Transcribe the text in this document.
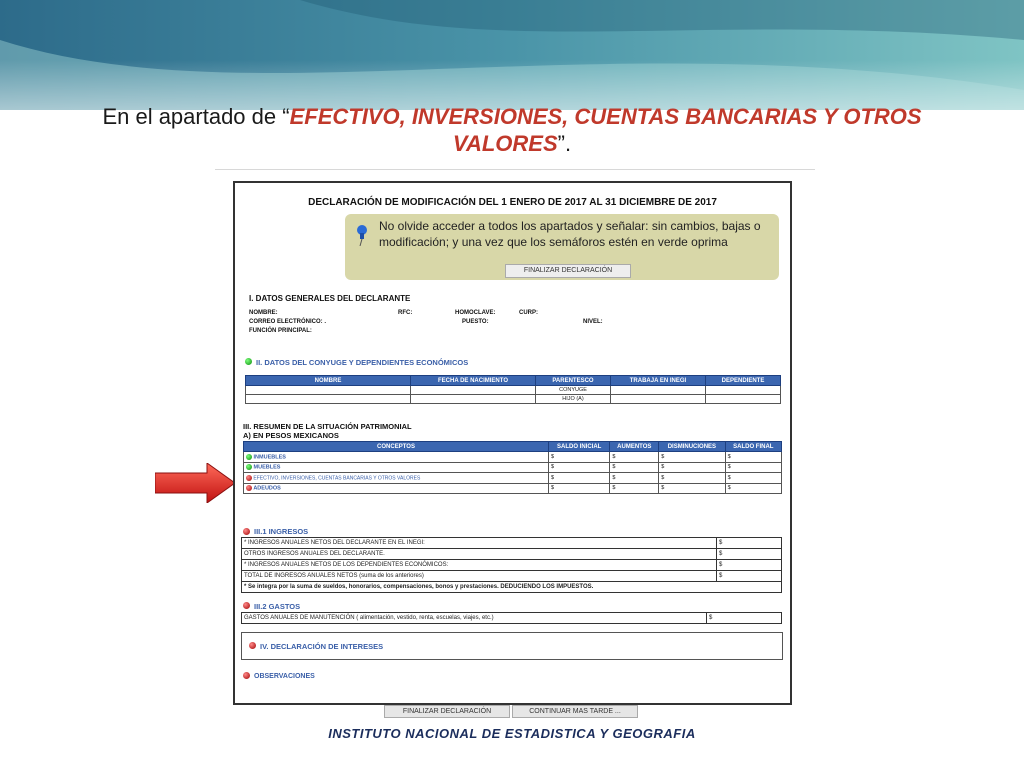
En el apartado de “EFECTIVO, INVERSIONES, CUENTAS BANCARIAS Y OTROS VALORES”.
DECLARACIÓN DE MODIFICACIÓN DEL 1 ENERO DE 2017 AL 31 DICIEMBRE DE 2017
No olvide acceder a todos los apartados y señalar: sin cambios, bajas o modificación; y una vez que los semáforos estén en verde oprima
FINALIZAR DECLARACIÓN
I. DATOS GENERALES DEL DECLARANTE
NOMBRE:	RFC:	HOMOCLAVE:	CURP:
CORREO ELECTRÓNICO: .	PUESTO:	NIVEL:
FUNCIÓN PRINCIPAL:
II. DATOS DEL CONYUGE Y DEPENDIENTES ECONÓMICOS
NOMBRE	FECHA DE NACIMIENTO	PARENTESCO	TRABAJA EN INEGI	DEPENDIENTE
		CONYUGE		
		HIJO (A)		
III. RESUMEN DE LA SITUACIÓN PATRIMONIAL
A) EN PESOS MEXICANOS
CONCEPTOS	SALDO INICIAL	AUMENTOS	DISMINUCIONES	SALDO FINAL
INMUEBLES	$	$	$	$
MUEBLES	$	$	$	$
EFECTIVO, INVERSIONES, CUENTAS BANCARIAS Y OTROS VALORES	$	$	$	$
ADEUDOS	$	$	$	$
III.1 INGRESOS
* INGRESOS ANUALES NETOS DEL DECLARANTE EN EL INEGI:	$
OTROS INGRESOS ANUALES DEL DECLARANTE.	$
* INGRESOS ANUALES NETOS DE LOS DEPENDIENTES ECONÓMICOS:	$
TOTAL DE INGRESOS ANUALES NETOS (suma de los anteriores)	$
* Se integra por la suma de sueldos, honorarios, compensaciones, bonos y prestaciones. DEDUCIENDO LOS IMPUESTOS.	
III.2 GASTOS
GASTOS ANUALES DE MANUTENCIÓN ( alimentación, vestido, renta, escuelas, viajes, etc.)	$
IV. DECLARACIÓN DE INTERESES
OBSERVACIONES
FINALIZAR DECLARACIÓN	CONTINUAR MAS TARDE ...
INSTITUTO NACIONAL DE ESTADISTICA Y GEOGRAFIA
